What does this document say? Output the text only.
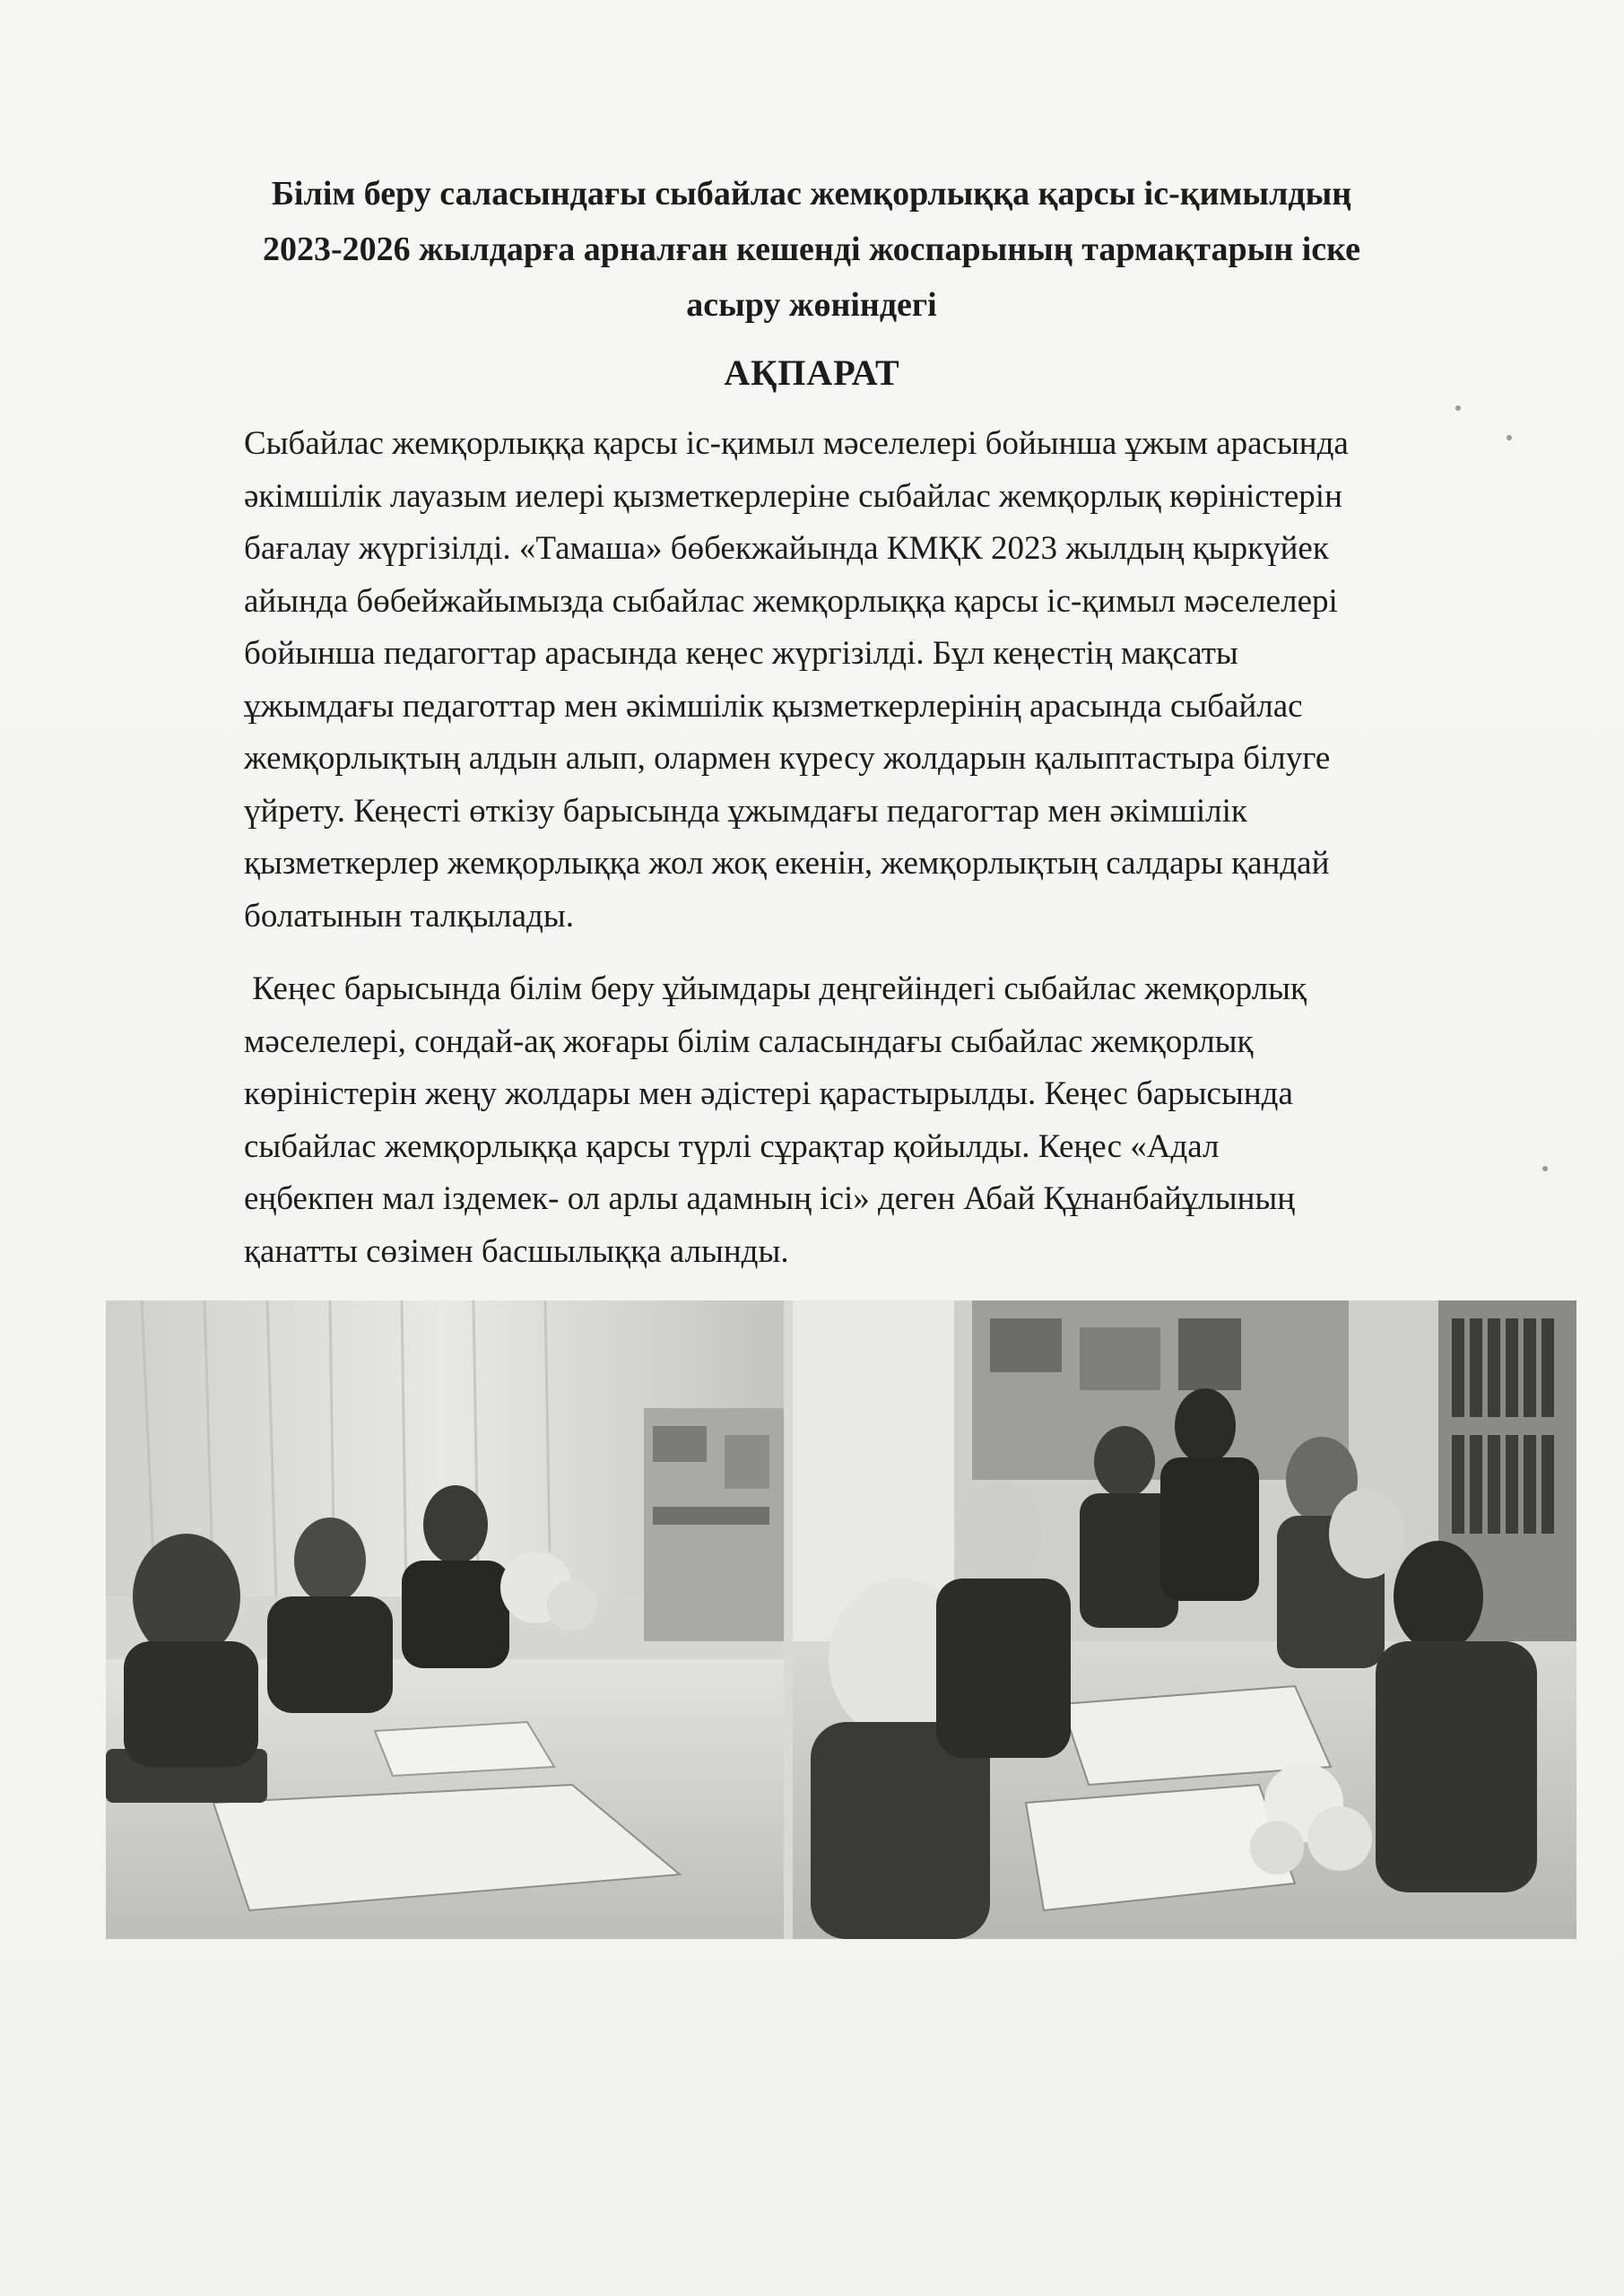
Білім беру саласындағы сыбайлас жемқорлыққа қарсы іс-қимылдың
2023-2026 жылдарға арналған кешенді жоспарының тармақтарын іске
асыру жөніндегі
АҚПАРАТ
Сыбайлас жемқорлыққа қарсы іс-қимыл мәселелері бойынша ұжым арасында
әкімшілік лауазым иелері қызметкерлеріне сыбайлас жемқорлық көріністерін
бағалау жүргізілді. «Тамаша» бөбекжайында КМҚК 2023 жылдың қыркүйек
айында бөбейжайымызда сыбайлас жемқорлыққа қарсы іс-қимыл мәселелері
бойынша педагогтар арасында кеңес жүргізілді. Бұл кеңестің мақсаты
ұжымдағы педаготтар мен әкімшілік қызметкерлерінің арасында сыбайлас
жемқорлықтың алдын алып, олармен күресу жолдарын қалыптастыра білуге
үйрету. Кеңесті өткізу барысында ұжымдағы педагогтар мен әкімшілік
қызметкерлер жемқорлыққа жол жоқ екенін, жемқорлықтың салдары қандай
болатынын талқылады.
Кеңес барысында білім беру ұйымдары деңгейіндегі сыбайлас жемқорлық
мәселелері, сондай-ақ жоғары білім саласындағы сыбайлас жемқорлық
көріністерін жеңу жолдары мен әдістері қарастырылды. Кеңес барысында
сыбайлас жемқорлыққа қарсы түрлі сұрақтар қойылды. Кеңес «Адал
еңбекпен мал іздемек- ол арлы адамның ісі» деген Абай Құнанбайұлының
қанатты сөзімен басшылыққа алынды.
